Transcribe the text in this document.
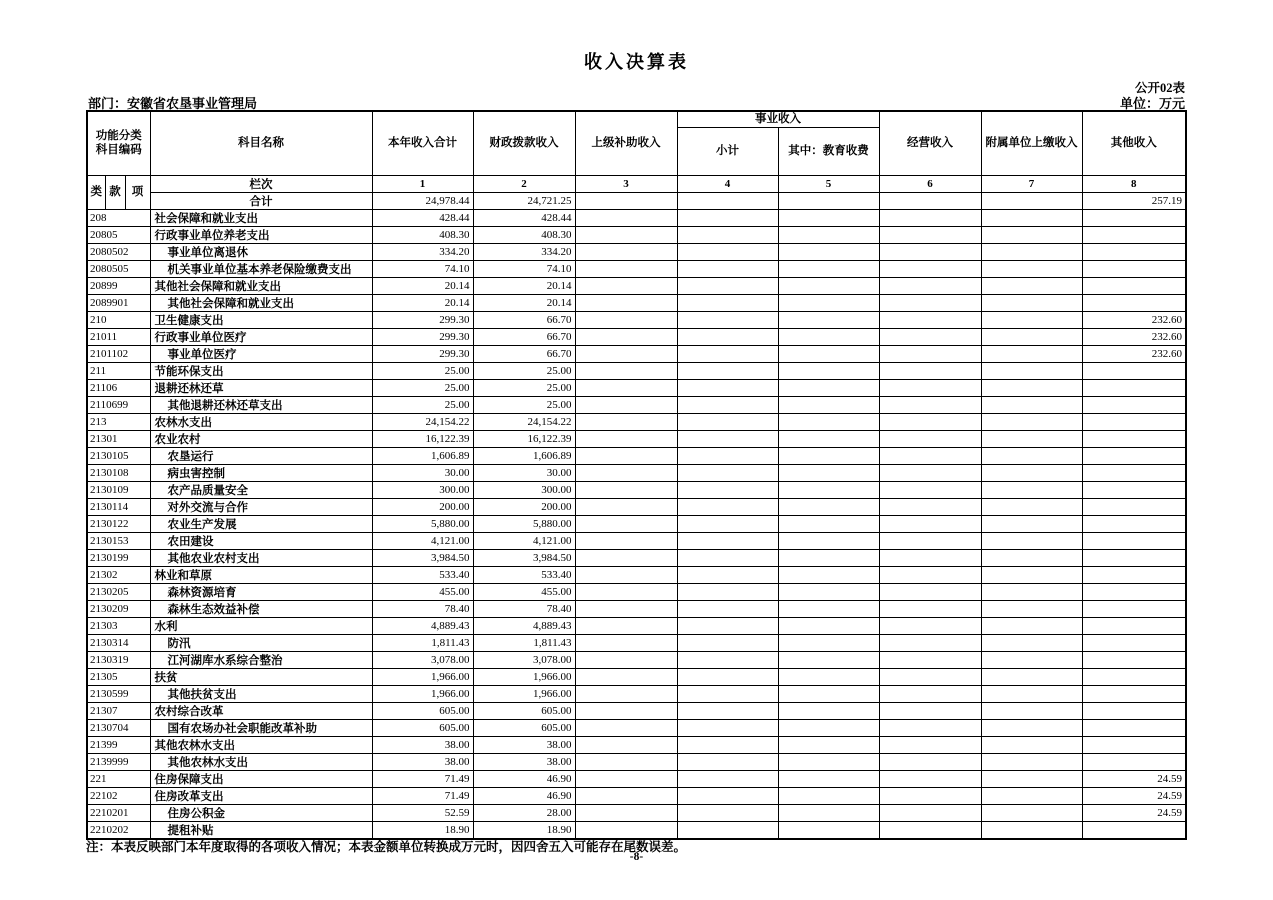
收入决算表
公开02表
部门：安徽省农垦事业管理局	单位：万元
功能分类
科目编码			科目名称	本年收入合计	财政拨款收入	上级补助收入	事业收入		经营收入	附属单位上缴收入	其他收入
							小计	其中：教育收费			
类	款	项	栏次	1	2	3	4	5	6	7	8
			合计	24,978.44	24,721.25						257.19
208			社会保障和就业支出	428.44	428.44						
20805			行政事业单位养老支出	408.30	408.30						
2080502			事业单位离退休	334.20	334.20						
2080505			机关事业单位基本养老保险缴费支出	74.10	74.10						
20899			其他社会保障和就业支出	20.14	20.14						
2089901			其他社会保障和就业支出	20.14	20.14						
210			卫生健康支出	299.30	66.70						232.60
21011			行政事业单位医疗	299.30	66.70						232.60
2101102			事业单位医疗	299.30	66.70						232.60
211			节能环保支出	25.00	25.00						
21106			退耕还林还草	25.00	25.00						
2110699			其他退耕还林还草支出	25.00	25.00						
213			农林水支出	24,154.22	24,154.22						
21301			农业农村	16,122.39	16,122.39						
2130105			农垦运行	1,606.89	1,606.89						
2130108			病虫害控制	30.00	30.00						
2130109			农产品质量安全	300.00	300.00						
2130114			对外交流与合作	200.00	200.00						
2130122			农业生产发展	5,880.00	5,880.00						
2130153			农田建设	4,121.00	4,121.00						
2130199			其他农业农村支出	3,984.50	3,984.50						
21302			林业和草原	533.40	533.40						
2130205			森林资源培育	455.00	455.00						
2130209			森林生态效益补偿	78.40	78.40						
21303			水利	4,889.43	4,889.43						
2130314			防汛	1,811.43	1,811.43						
2130319			江河湖库水系综合整治	3,078.00	3,078.00						
21305			扶贫	1,966.00	1,966.00						
2130599			其他扶贫支出	1,966.00	1,966.00						
21307			农村综合改革	605.00	605.00						
2130704			国有农场办社会职能改革补助	605.00	605.00						
21399			其他农林水支出	38.00	38.00						
2139999			其他农林水支出	38.00	38.00						
221			住房保障支出	71.49	46.90						24.59
22102			住房改革支出	71.49	46.90						24.59
2210201			住房公积金	52.59	28.00						24.59
2210202			提租补贴	18.90	18.90						
注：本表反映部门本年度取得的各项收入情况；本表金额单位转换成万元时，因四舍五入可能存在尾数误差。
-8-
